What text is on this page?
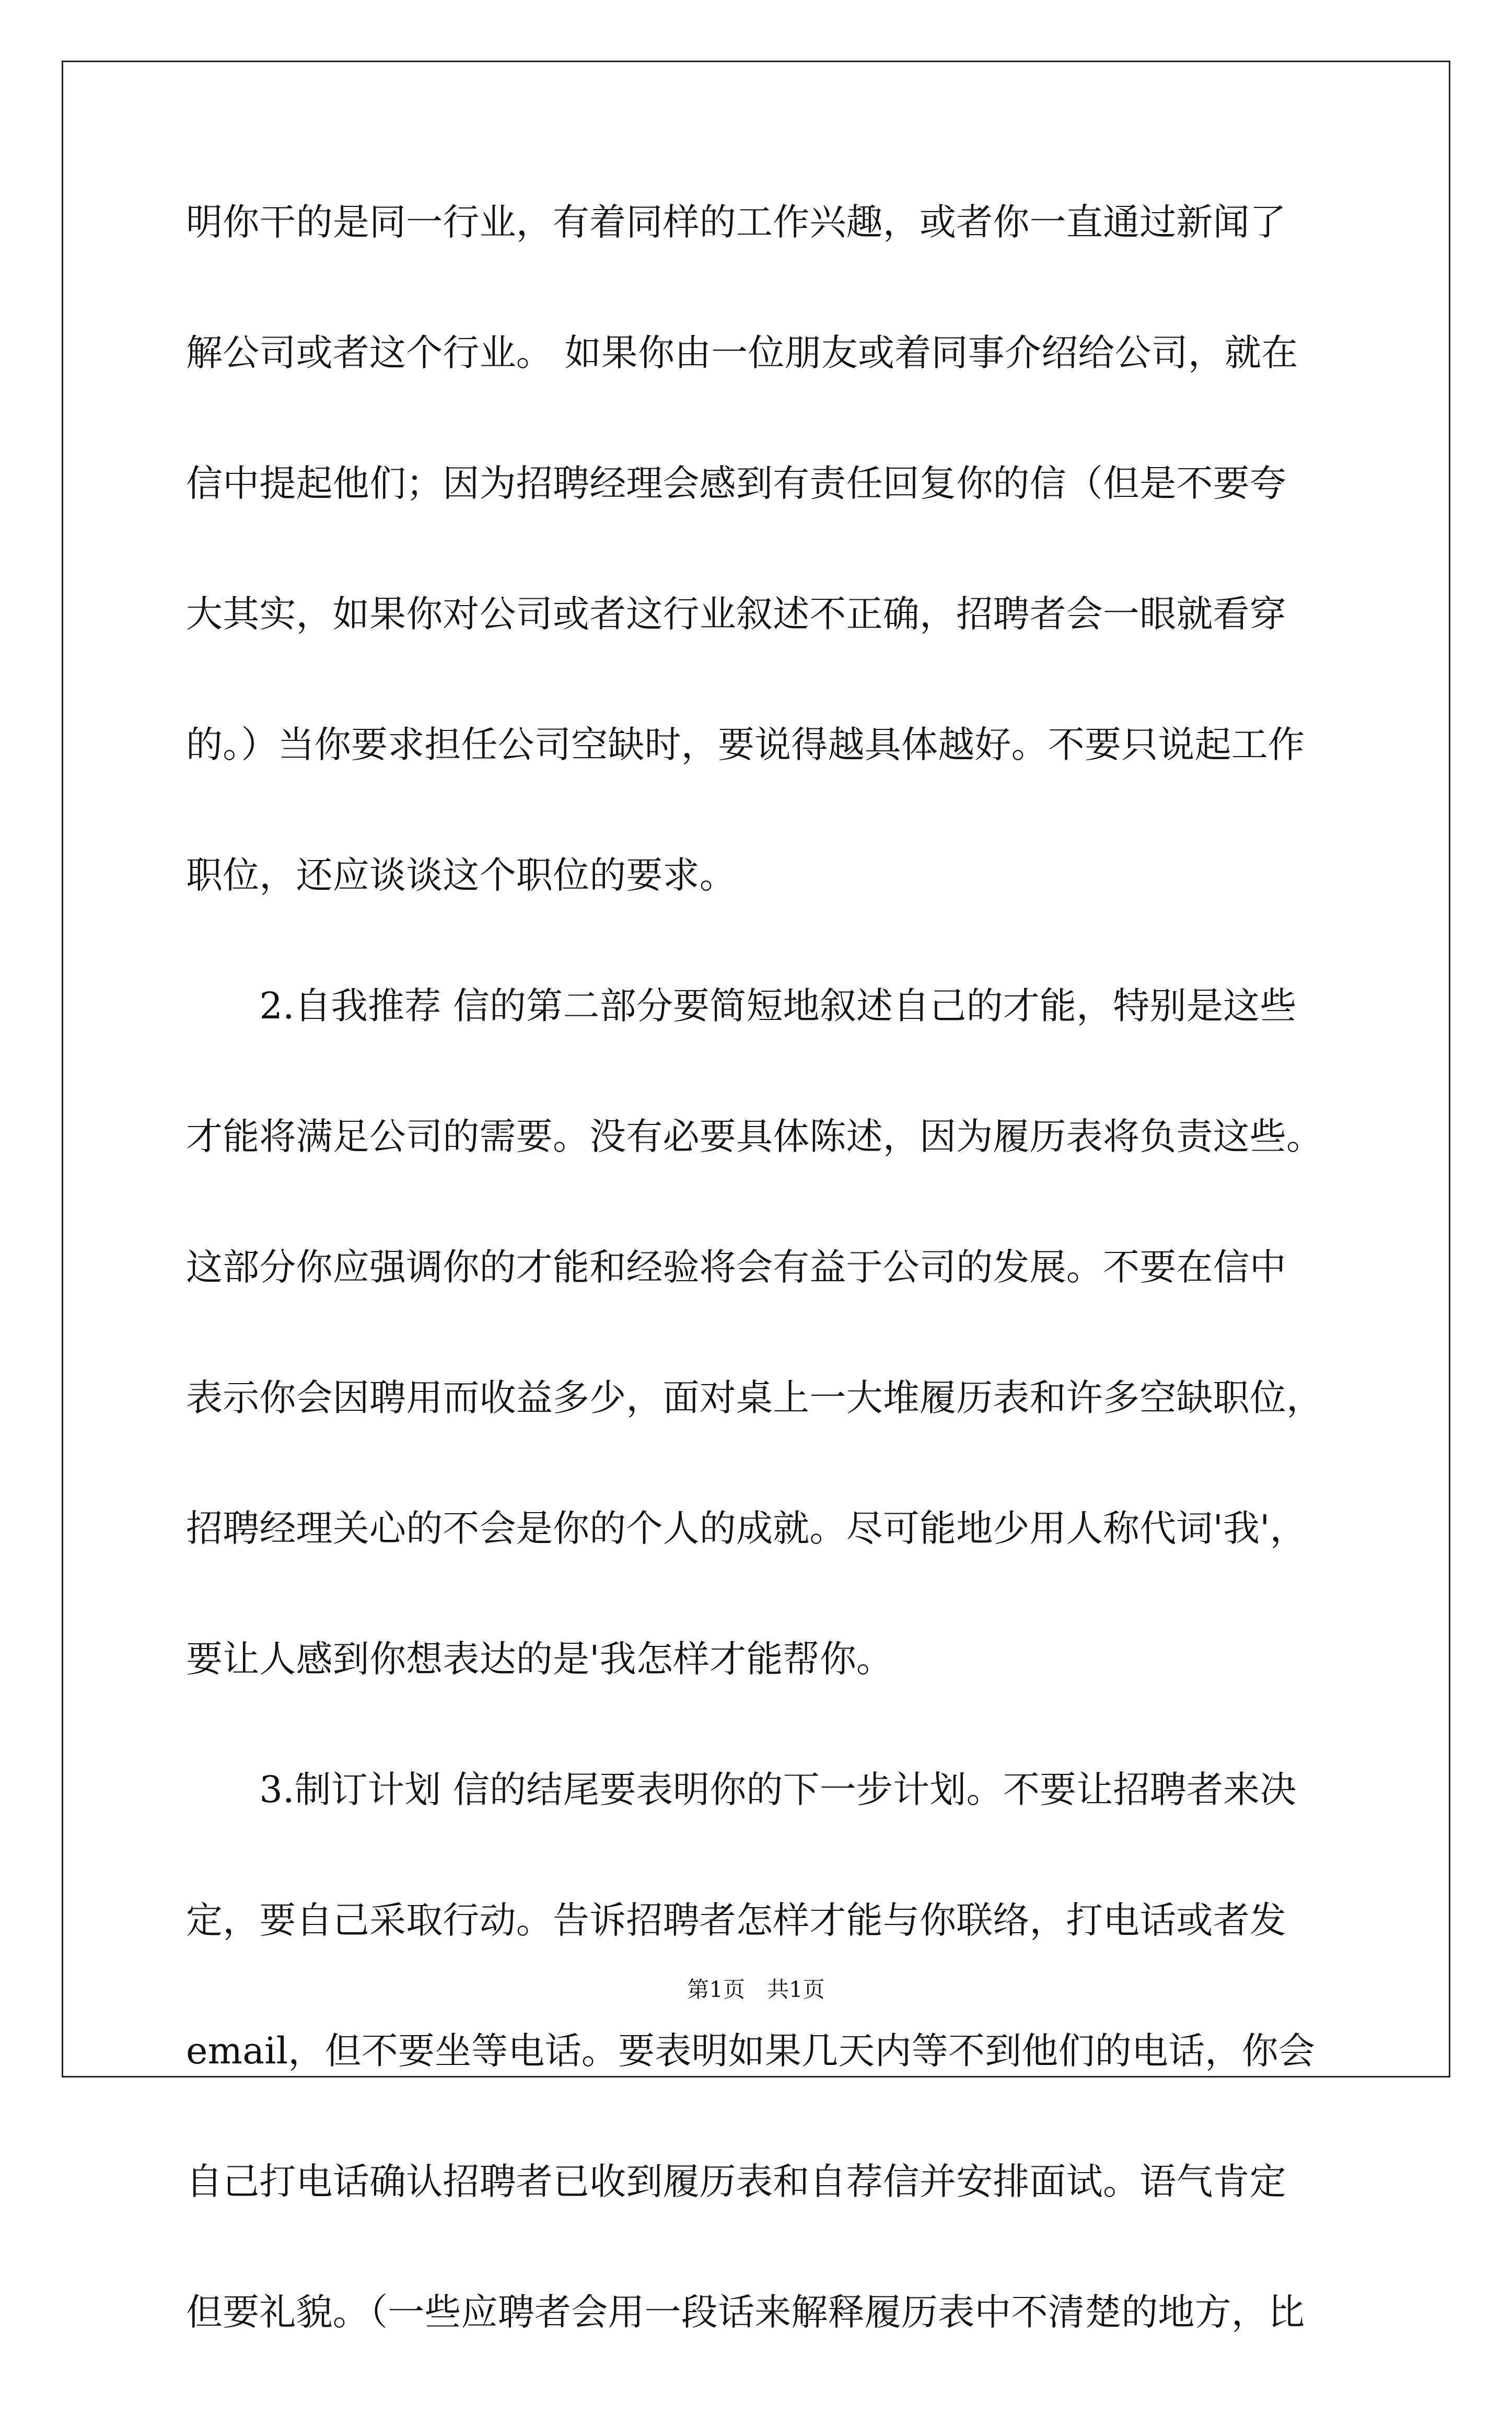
明你干的是同一行业，有着同样的工作兴趣，或者你一直通过新闻了
解公司或者这个行业。 如果你由一位朋友或着同事介绍给公司，就在
信中提起他们；因为招聘经理会感到有责任回复你的信（但是不要夸
大其实，如果你对公司或者这行业叙述不正确，招聘者会一眼就看穿
的。）当你要求担任公司空缺时，要说得越具体越好。不要只说起工作
职位，还应谈谈这个职位的要求。
　　2.自我推荐 信的第二部分要简短地叙述自己的才能，特别是这些
才能将满足公司的需要。没有必要具体陈述，因为履历表将负责这些。
这部分你应强调你的才能和经验将会有益于公司的发展。不要在信中
表示你会因聘用而收益多少，面对桌上一大堆履历表和许多空缺职位，
招聘经理关心的不会是你的个人的成就。尽可能地少用人称代词'我'，
要让人感到你想表达的是'我怎样才能帮你。
　　3.制订计划 信的结尾要表明你的下一步计划。不要让招聘者来决
定，要自己采取行动。告诉招聘者怎样才能与你联络，打电话或者发
email，但不要坐等电话。要表明如果几天内等不到他们的电话，你会
自己打电话确认招聘者已收到履历表和自荐信并安排面试。语气肯定
但要礼貌。（一些应聘者会用一段话来解释履历表中不清楚的地方，比
第1页　共1页
